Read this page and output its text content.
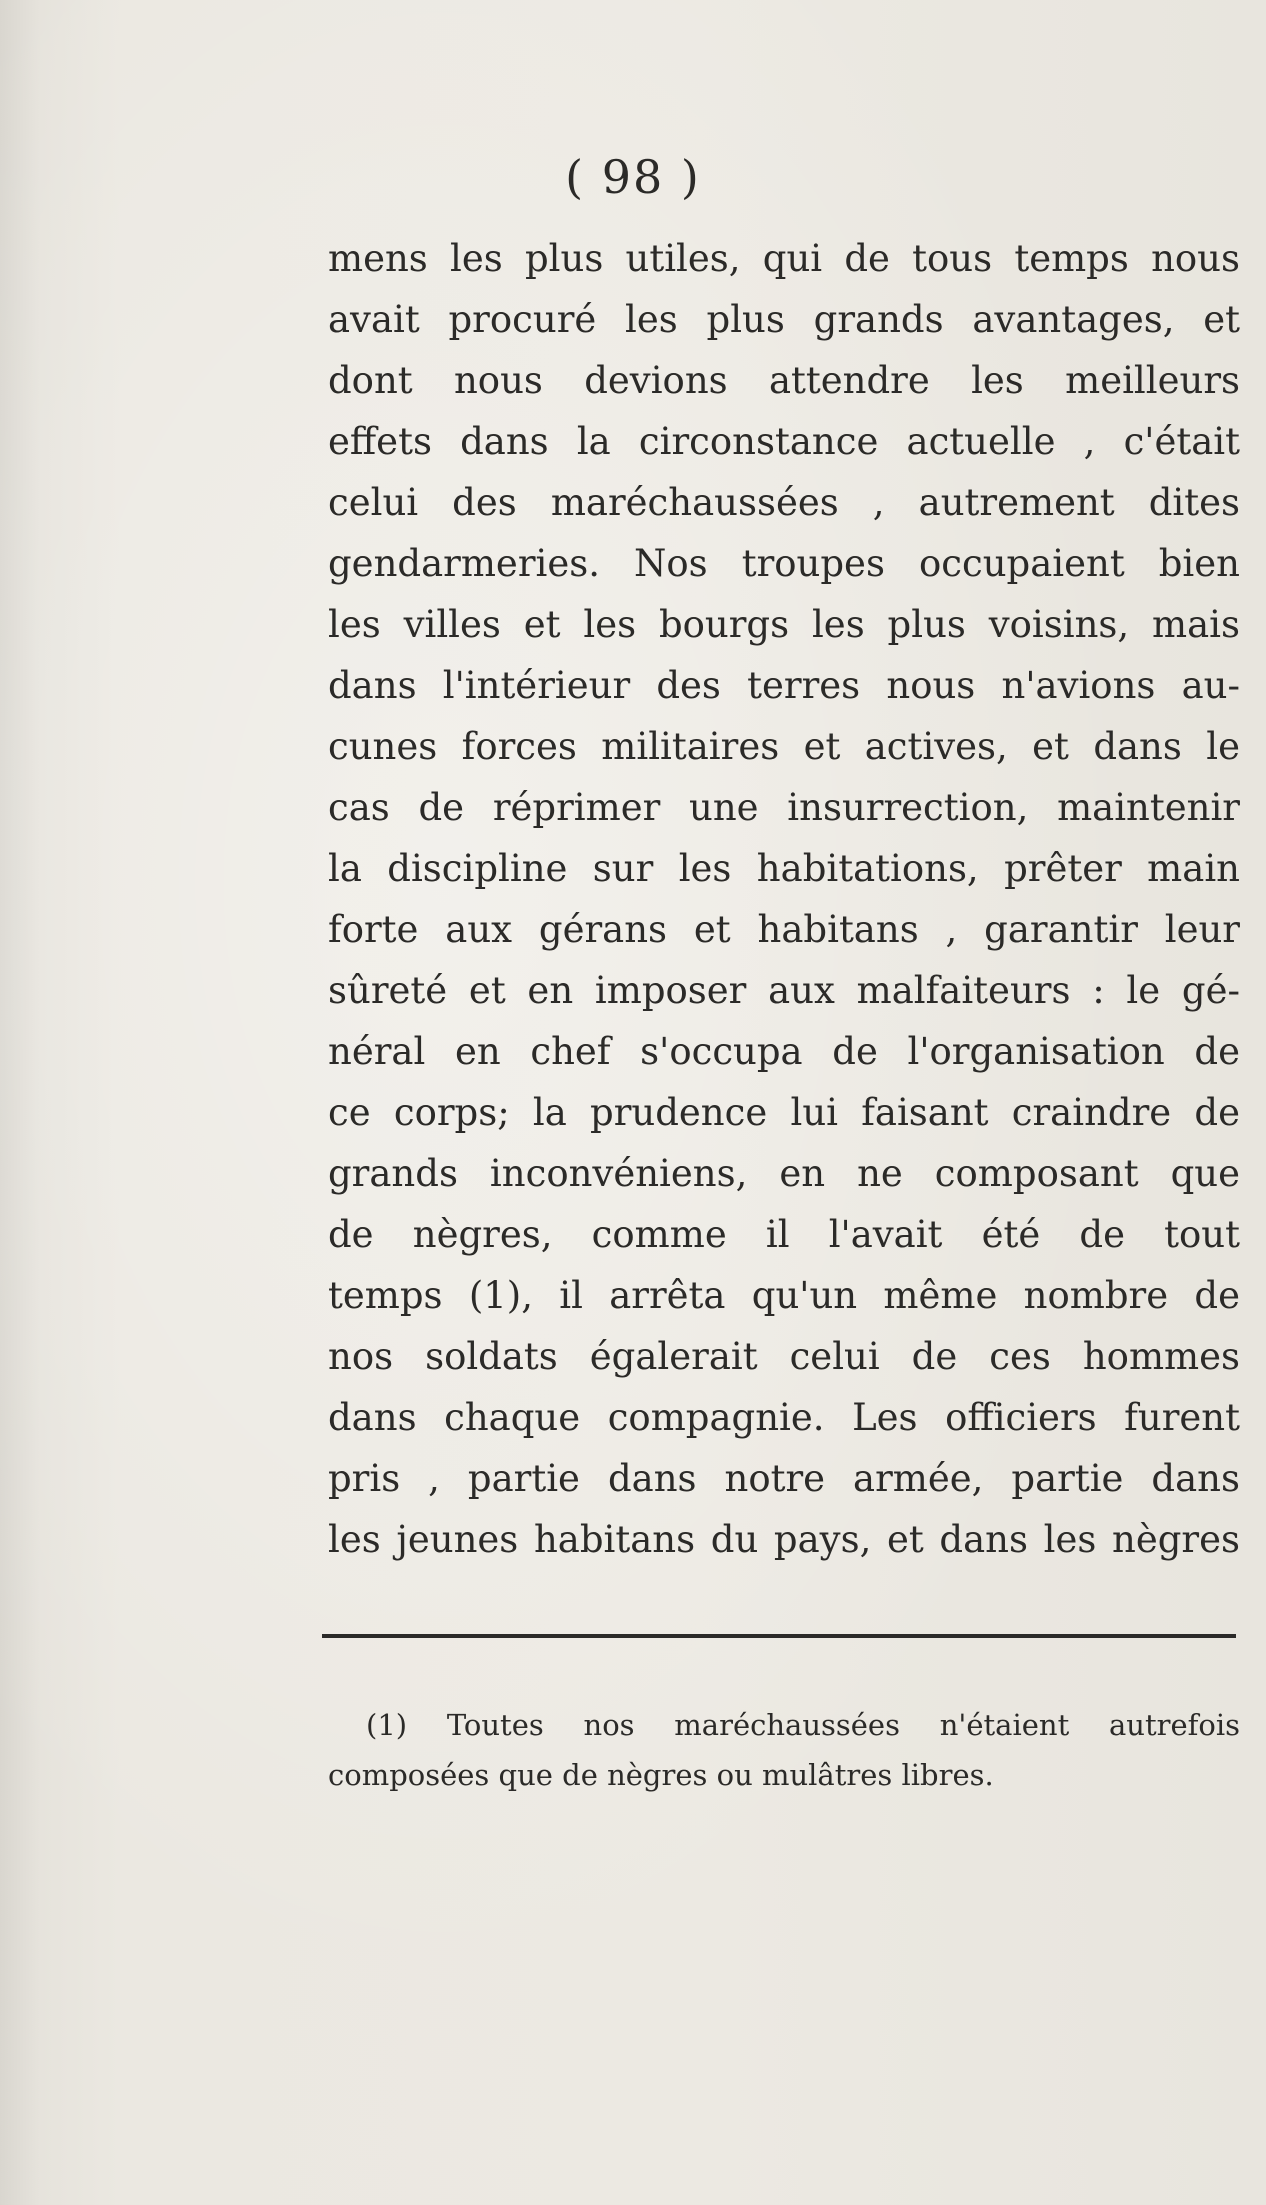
( 98 )
mens les plus utiles, qui de tous temps nous
avait procuré les plus grands avantages, et
dont nous devions attendre les meilleurs
effets dans la circonstance actuelle , c'était
celui des maréchaussées , autrement dites
gendarmeries. Nos troupes occupaient bien
les villes et les bourgs les plus voisins, mais
dans l'intérieur des terres nous n'avions au-
cunes forces militaires et actives, et dans le
cas de réprimer une insurrection, maintenir
la discipline sur les habitations, prêter main
forte aux gérans et habitans , garantir leur
sûreté et en imposer aux malfaiteurs : le gé-
néral en chef s'occupa de l'organisation de
ce corps; la prudence lui faisant craindre de
grands inconvéniens, en ne composant que
de nègres, comme il l'avait été de tout
temps (1), il arrêta qu'un même nombre de
nos soldats égalerait celui de ces hommes
dans chaque compagnie. Les officiers furent
pris , partie dans notre armée, partie dans
les jeunes habitans du pays, et dans les nègres
(1) Toutes nos maréchaussées n'étaient autrefois
composées que de nègres ou mulâtres libres.
